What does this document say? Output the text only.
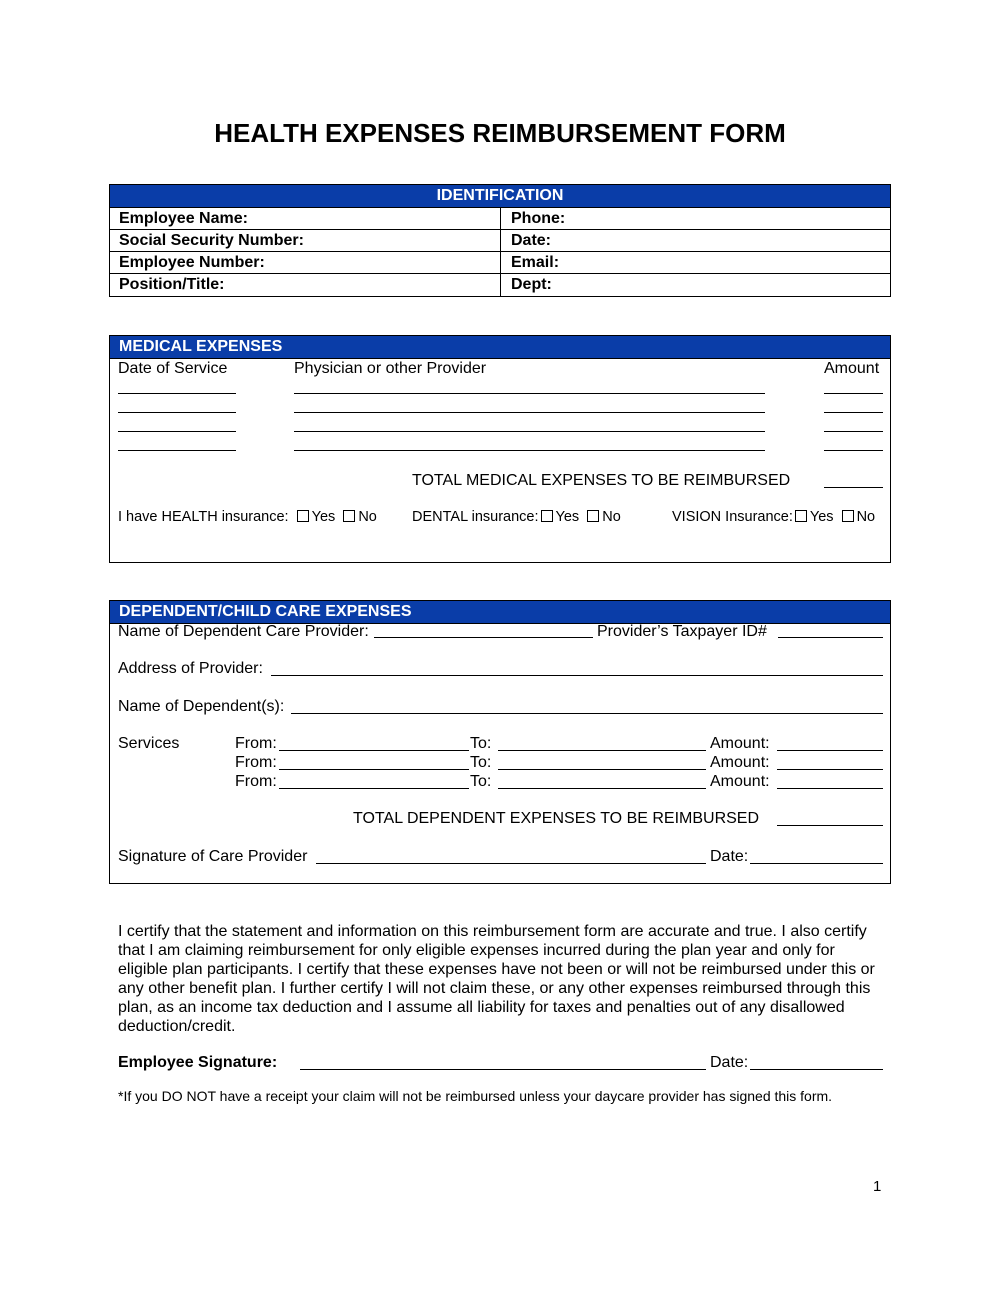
HEALTH EXPENSES REIMBURSEMENT FORM
IDENTIFICATION
Employee Name:	Phone:
Social Security Number:	Date:
Employee Number:	Email:
Position/Title:	Dept:
MEDICAL EXPENSES
Date of Service	Physician or other Provider	Amount
TOTAL MEDICAL EXPENSES TO BE REIMBURSED
I have HEALTH insurance: Yes No DENTAL insurance: Yes No	VISION Insurance: Yes No
DEPENDENT/CHILD CARE EXPENSES
Name of Dependent Care Provider:	Provider’s Taxpayer ID#
Address of Provider:
Name of Dependent(s):
Services	From:	To:	Amount:
From:	To:	Amount:
From:	To:	Amount:
TOTAL DEPENDENT EXPENSES TO BE REIMBURSED
Signature of Care Provider	Date:
I certify that the statement and information on this reimbursement form are accurate and true. I also certify that I am claiming reimbursement for only eligible expenses incurred during the plan year and only for eligible plan participants. I certify that these expenses have not been or will not be reimbursed under this or any other benefit plan. I further certify I will not claim these, or any other expenses reimbursed through this plan, as an income tax deduction and I assume all liability for taxes and penalties out of any disallowed deduction/credit.
Employee Signature:	Date:
*If you DO NOT have a receipt your claim will not be reimbursed unless your daycare provider has signed this form.
1
